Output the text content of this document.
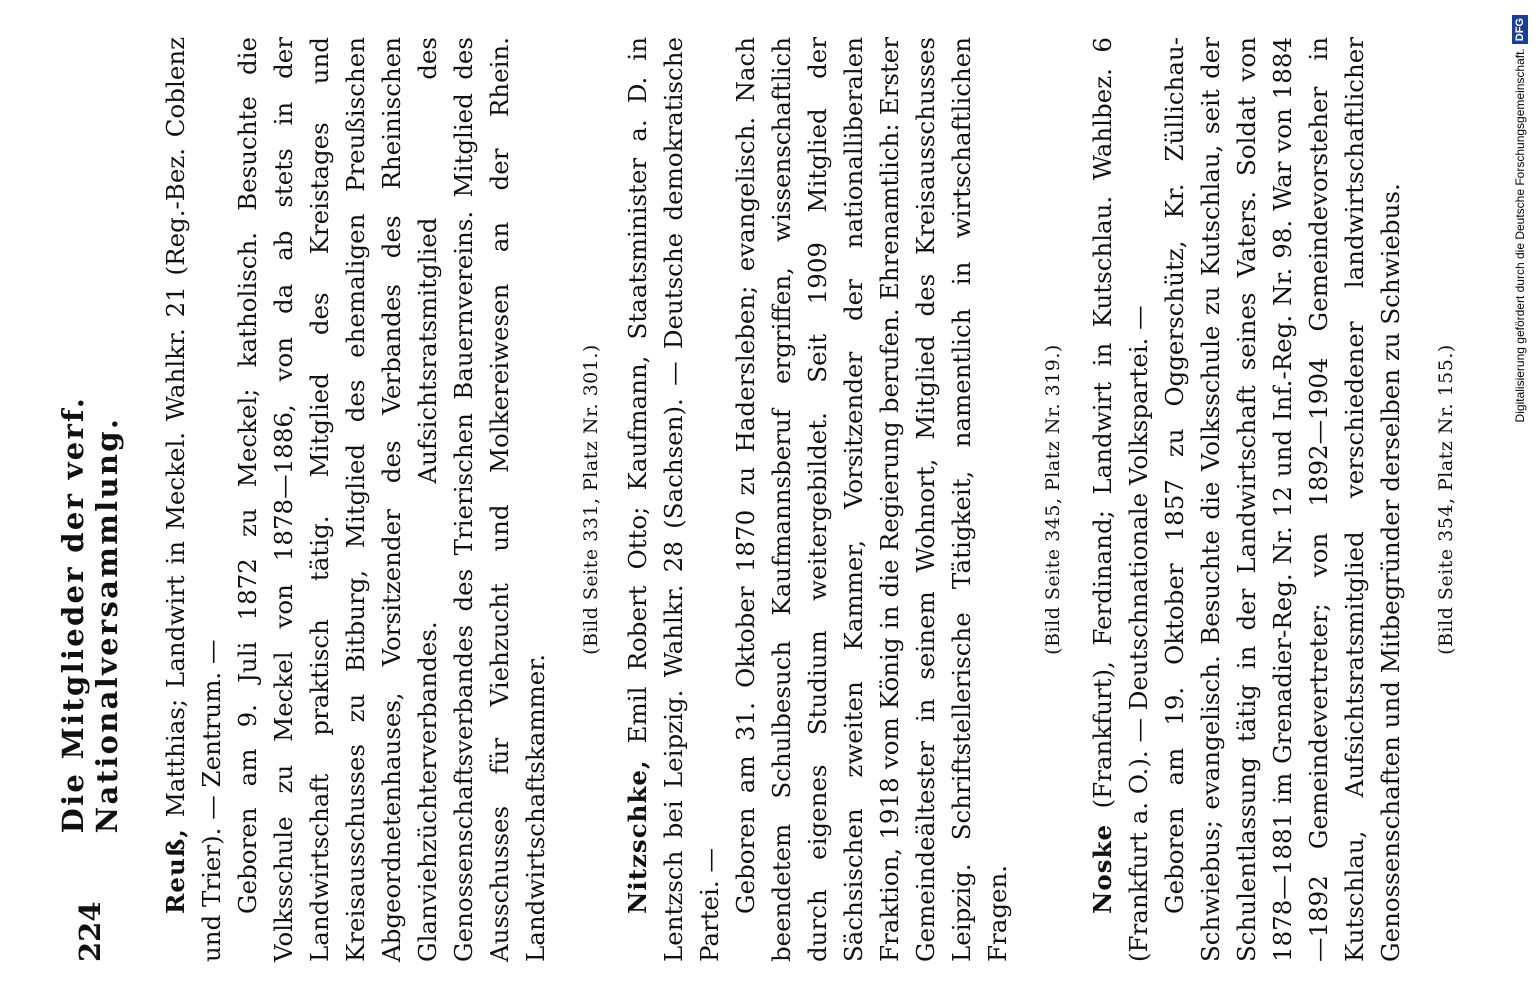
224
Die Mitglieder der verf. Nationalversammlung.

Reuß, Matthias; Landwirt in Meckel. Wahlkr. 21 (Reg.-Bez. Coblenz und Trier). — Zentrum. — Geboren am 9. Juli 1872 zu Meckel; katholisch. Besuchte die Volksschule zu Meckel von 1878—1886, von da ab stets in der Landwirtschaft praktisch tätig. Mitglied des Kreistages und Kreisausschusses zu Bitburg, Mitglied des ehemaligen Preußischen Abgeordnetenhauses, Vorsitzender des Verbandes des Rheinischen Glanviehzüchterverbandes. Aufsichtsratsmitglied des Genossenschaftsverbandes des Trierischen Bauernvereins. Mitglied des Ausschusses für Viehzucht und Molkereiwesen an der Rhein. Landwirtschaftskammer.

(Bild Seite 331, Platz Nr. 301.)

Nitzschke, Emil Robert Otto; Kaufmann, Staatsminister a. D. in Lentzsch bei Leipzig. Wahlkr. 28 (Sachsen). — Deutsche demokratische Partei. — Geboren am 31. Oktober 1870 zu Hadersleben; evangelisch. Nach beendetem Schulbesuch Kaufmannsberuf ergriffen, wissenschaftlich durch eigenes Studium weitergebildet. Seit 1909 Mitglied der Sächsischen zweiten Kammer, Vorsitzender der nationalliberalen Fraktion, 1918 vom König in die Regierung berufen. Ehrenamtlich: Erster Gemeindeältester in seinem Wohnort, Mitglied des Kreisausschusses Leipzig. Schriftstellerische Tätigkeit, namentlich in wirtschaftlichen Fragen.

(Bild Seite 345, Platz Nr. 319.)

Noske (Frankfurt), Ferdinand; Landwirt in Kutschlau. Wahlbez. 6 (Frankfurt a. O.). — Deutschnationale Volkspartei. — Geboren am 19. Oktober 1857 zu Oggerschütz, Kr. Züllichau-Schwiebus; evangelisch. Besuchte die Volksschule zu Kutschlau, seit der Schulentlassung tätig in der Landwirtschaft seines Vaters. Soldat von 1878—1881 im Grenadier-Reg. Nr. 12 und Inf.-Reg. Nr. 98. War von 1884—1892 Gemeindevertreter; von 1892—1904 Gemeindevorsteher in Kutschlau, Aufsichtsratsmitglied verschiedener landwirtschaftlicher Genossenschaften und Mitbegründer derselben zu Schwiebus. (Bild Seite 354, Platz Nr. 155.)
Digitalisierung gefördert durch die Deutsche Forschungsgemeinschaft.
DFG
